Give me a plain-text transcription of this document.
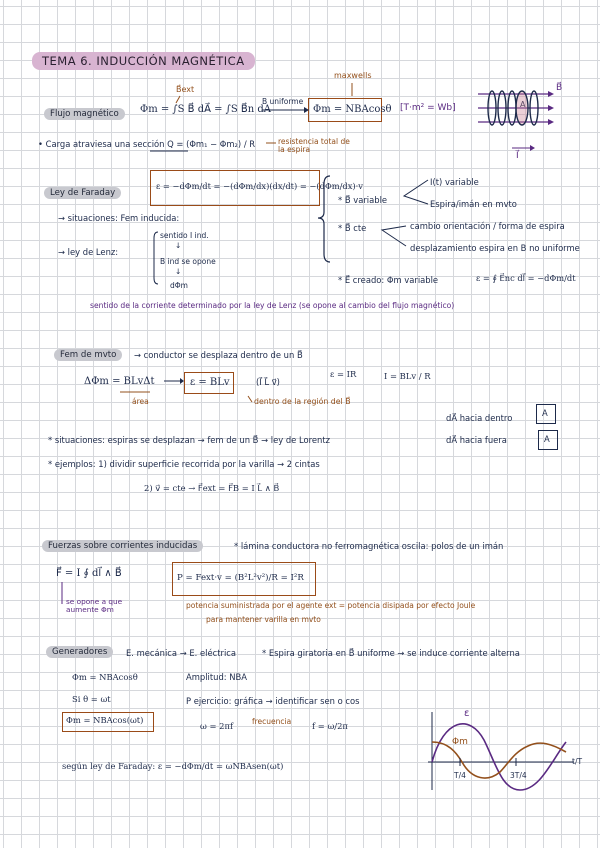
TEMA 6. INDUCCIÓN MAGNÉTICA
Flujo magnético
B⃗ext
Φm = ∫S B⃗ dA⃗ = ∫S B⃗n dA
B uniforme
maxwells
Φm = NBAcosθ [T·m² = Wb]
• Carga atraviesa una sección Q = (Φm₁ − Φm₂) / R	resistencia total de la espira
B⃗
I⃗
Ley de Faraday
ε = −dΦm/dt = −(dΦm/dx)(dx/dt) = −(dΦm/dx)·v
→ situaciones: Fem inducida:
→ ley de Lenz:
sentido I ind.
↓
B ind se opone
↓
dΦm
* B⃗ variable
I(t) variable
Espira/imán en mvto
* B⃗ cte	cambio orientación / forma de espira
desplazamiento espira en B no uniforme
* E⃗ creado: Φm variable	ε = ∮ E⃗nc dl⃗ = −dΦm/dt
sentido de la corriente determinado por la ley de Lenz (se opone al cambio del flujo magnético)
Fem de mvto	→ conductor se desplaza dentro de un B⃗
ΔΦm = BLvΔt
área
ε = BLv	(I⃗ L⃗ v⃗)
ε = IR	I = BLv / R
dentro de la región del B⃗
dA⃗ hacia dentro
dA⃗ hacia fuera
A
A
* situaciones: espiras se desplazan → fem de un B⃗ → ley de Lorentz
* ejemplos: 1) dividir superficie recorrida por la varilla → 2 cintas
2) v⃗ = cte → F⃗ext = F⃗B = I L⃗ ∧ B⃗
Fuerzas sobre corrientes inducidas	* lámina conductora no ferromagnética oscila: polos de un imán
F⃗ = I ∮ dl⃗ ∧ B⃗
se opone a que aumente Φm
P = Fext·v = (B²L²v²)/R = I²R
potencia suministrada por el agente ext = potencia disipada por efecto Joule
para mantener varilla en mvto
Generadores	E. mecánica → E. eléctrica	* Espira giratoria en B⃗ uniforme → se induce corriente alterna
Φm = NBAcosθ
Si θ = ωt
Φm = NBAcos(ωt)
Amplitud: NBA
P ejercicio: gráfica → identificar sen o cos
ω = 2πf	frecuencia f = ω/2π
según ley de Faraday: ε = −dΦm/dt = ωNBAsen(ωt)
ε
Φm
T/4	3T/4
t/T
